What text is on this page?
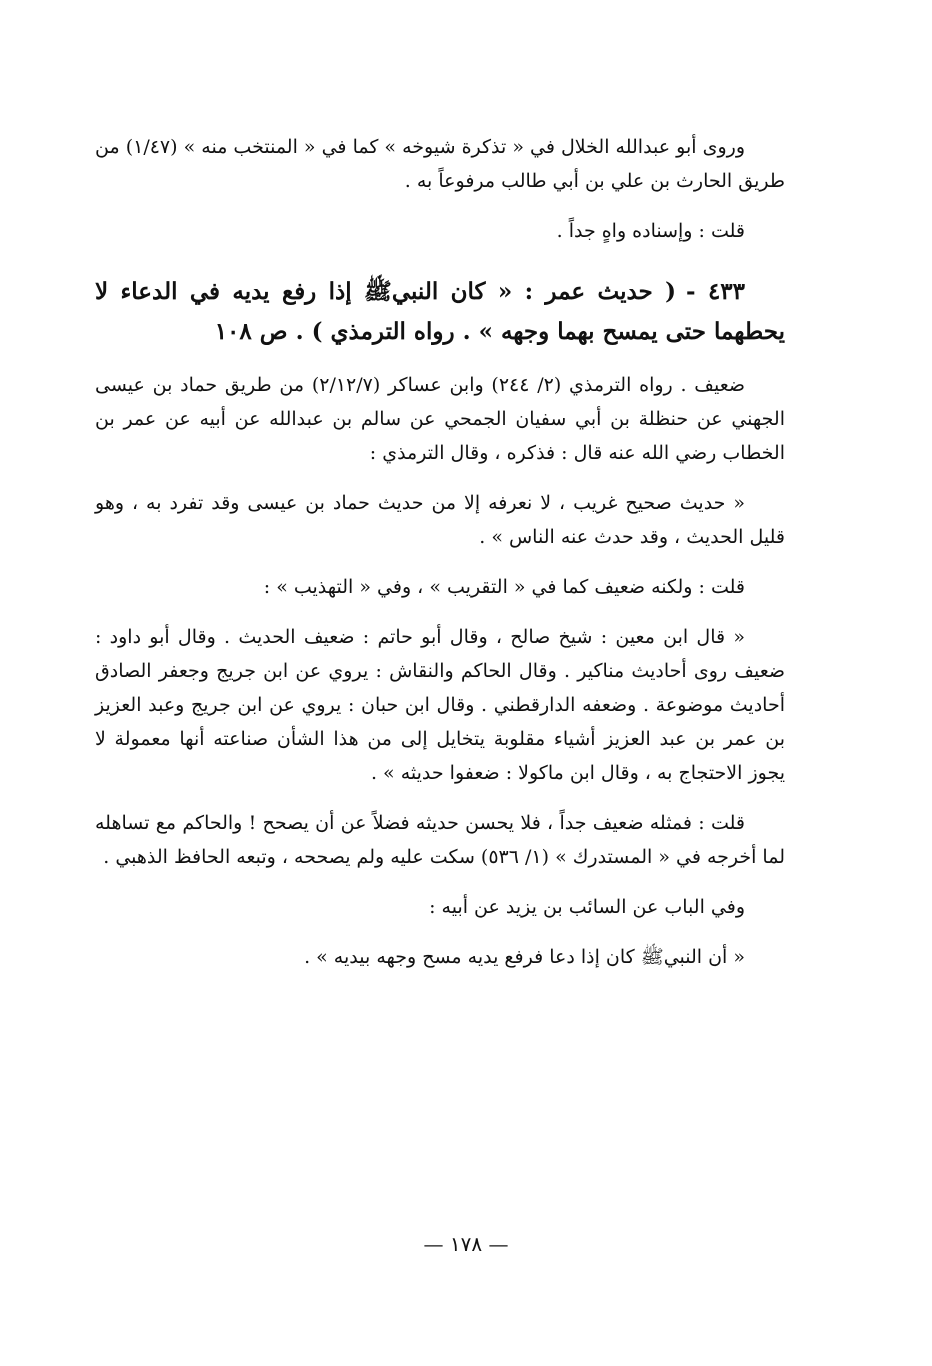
وروى أبو عبدالله الخلال في « تذكرة شيوخه » كما في « المنتخب منه » (١/٤٧) من طريق الحارث بن علي بن أبي طالب مرفوعاً به .

قلت : وإسناده واهٍ جداً .

٤٣٣ -( حديث عمر : « كان النبيﷺ إذا رفع يديه في الدعاء لا يحطهما حتى يمسح بهما وجهه » . رواه الترمذي ) . ص ١٠٨

ضعيف . رواه الترمذي (٢/ ٢٤٤) وابن عساكر (٢/١٢/٧) من طريق حماد بن عيسى الجهني عن حنظلة بن أبي سفيان الجمحي عن سالم بن عبدالله عن أبيه عن عمر بن الخطاب رضي الله عنه قال : فذكره ، وقال الترمذي :

« حديث صحيح غريب ، لا نعرفه إلا من حديث حماد بن عيسى وقد تفرد به ، وهو قليل الحديث ، وقد حدث عنه الناس » .

قلت : ولكنه ضعيف كما في « التقريب » ، وفي « التهذيب » :

« قال ابن معين : شيخ صالح ، وقال أبو حاتم : ضعيف الحديث . وقال أبو داود : ضعيف روى أحاديث مناكير . وقال الحاكم والنقاش : يروي عن ابن جريج وجعفر الصادق أحاديث موضوعة . وضعفه الدارقطني . وقال ابن حبان : يروي عن ابن جريج وعبد العزيز بن عمر بن عبد العزيز أشياء مقلوبة يتخايل إلى من هذا الشأن صناعته أنها معمولة لا يجوز الاحتجاج به ، وقال ابن ماكولا : ضعفوا حديثه » .

قلت : فمثله ضعيف جداً ، فلا يحسن حديثه فضلاً عن أن يصحح ! والحاكم مع تساهله لما أخرجه في « المستدرك » (١/ ٥٣٦) سكت عليه ولم يصححه ، وتبعه الحافظ الذهبي .

وفي الباب عن السائب بن يزيد عن أبيه :

« أن النبيﷺ كان إذا دعا فرفع يديه مسح وجهه بيديه » .

— ١٧٨ —
